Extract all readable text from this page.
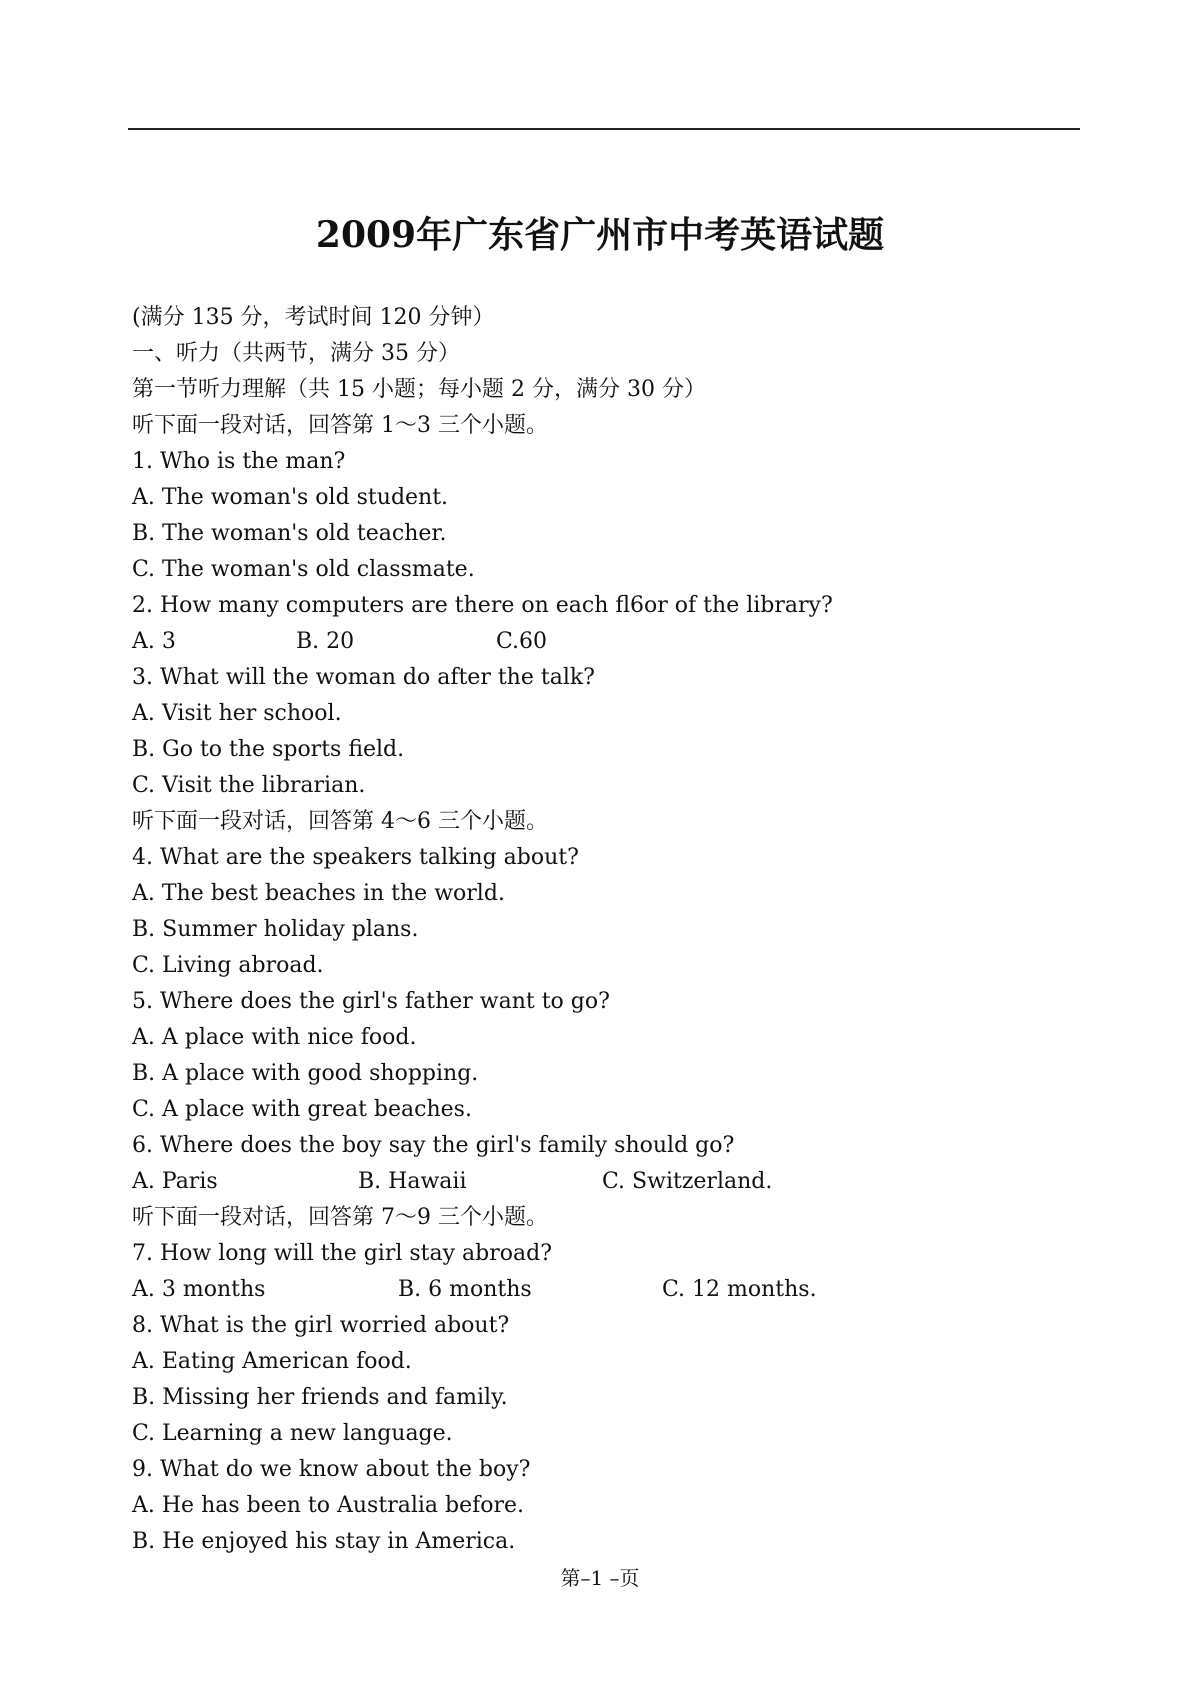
2009年广东省广州市中考英语试题
(满分 135 分，考试时间 120 分钟）
一、听力（共两节，满分 35 分）
第一节听力理解（共 15 小题；每小题 2 分，满分 30 分）
听下面一段对话，回答第 1～3 三个小题。
1. Who is the man?
A. The woman's old student.
B. The woman's old teacher.
C. The woman's old classmate.
2. How many computers are there on each fl6or of the library?
A. 3	B. 20	C.60
3. What will the woman do after the talk?
A. Visit her school.
B. Go to the sports field.
C. Visit the librarian.
听下面一段对话，回答第 4～6 三个小题。
4. What are the speakers talking about?
A. The best beaches in the world.
B. Summer holiday plans.
C. Living abroad.
5. Where does the girl's father want to go?
A. A place with nice food.
B. A place with good shopping.
C. A place with great beaches.
6. Where does the boy say the girl's family should go?
A. Paris	B. Hawaii	C. Switzerland.
听下面一段对话，回答第 7～9 三个小题。
7. How long will the girl stay abroad?
A. 3 months	B. 6 months	C. 12 months.
8. What is the girl worried about?
A. Eating American food.
B. Missing her friends and family.
C. Learning a new language.
9. What do we know about the boy?
A. He has been to Australia before.
B. He enjoyed his stay in America.
第–1 –页
